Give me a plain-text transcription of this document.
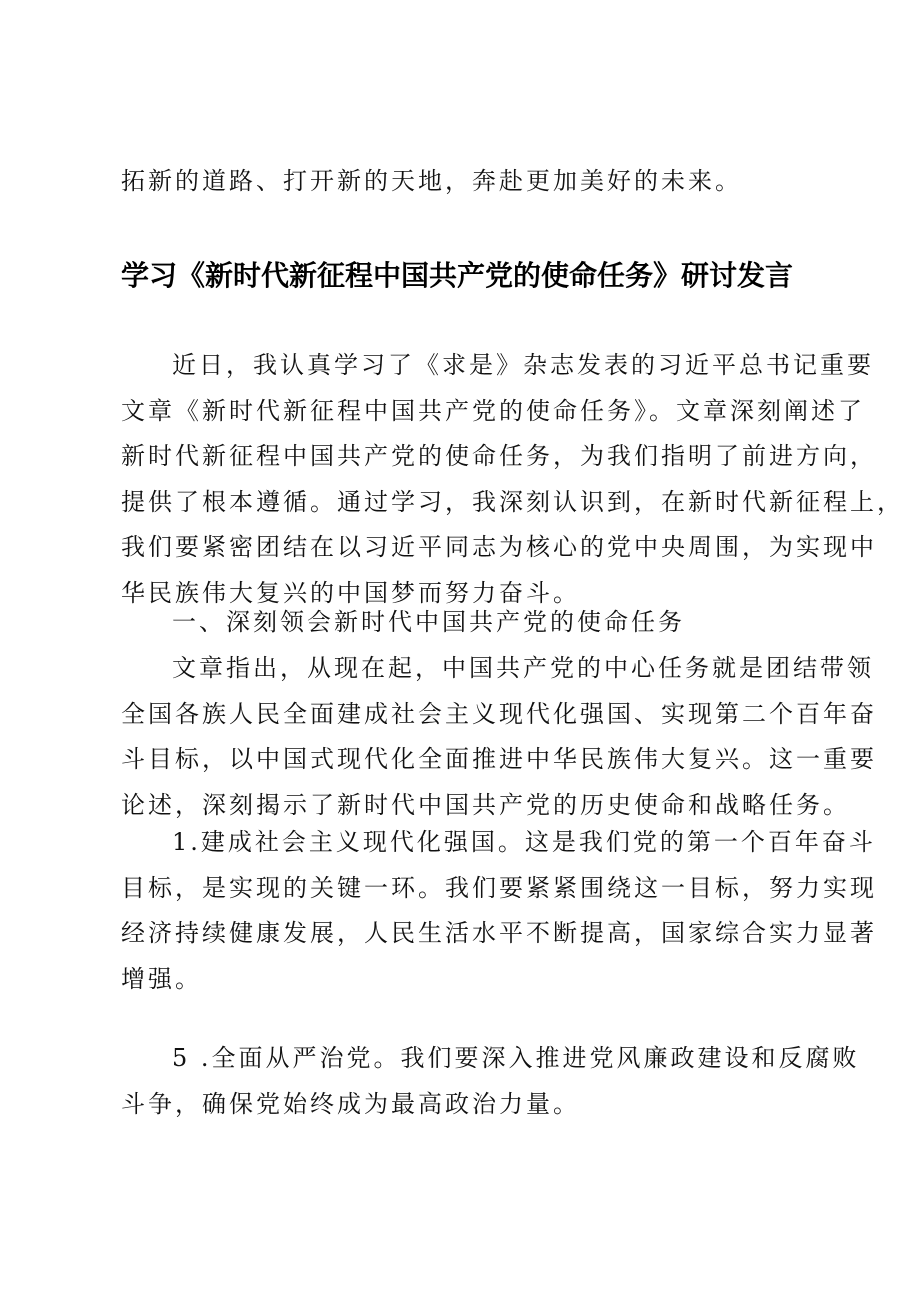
拓新的道路、打开新的天地，奔赴更加美好的未来。

学习《新时代新征程中国共产党的使命任务》研讨发言

近日，我认真学习了《求是》杂志发表的习近平总书记重要
文章《新时代新征程中国共产党的使命任务》。文章深刻阐述了
新时代新征程中国共产党的使命任务，为我们指明了前进方向，
提供了根本遵循。通过学习，我深刻认识到，在新时代新征程上，
我们要紧密团结在以习近平同志为核心的党中央周围，为实现中
华民族伟大复兴的中国梦而努力奋斗。

一、深刻领会新时代中国共产党的使命任务

文章指出，从现在起，中国共产党的中心任务就是团结带领
全国各族人民全面建成社会主义现代化强国、实现第二个百年奋
斗目标，以中国式现代化全面推进中华民族伟大复兴。这一重要
论述，深刻揭示了新时代中国共产党的历史使命和战略任务。

1.建成社会主义现代化强国。这是我们党的第一个百年奋斗
目标，是实现的关键一环。我们要紧紧围绕这一目标，努力实现
经济持续健康发展，人民生活水平不断提高，国家综合实力显著
增强。

5 .全面从严治党。我们要深入推进党风廉政建设和反腐败
斗争，确保党始终成为最高政治力量。
